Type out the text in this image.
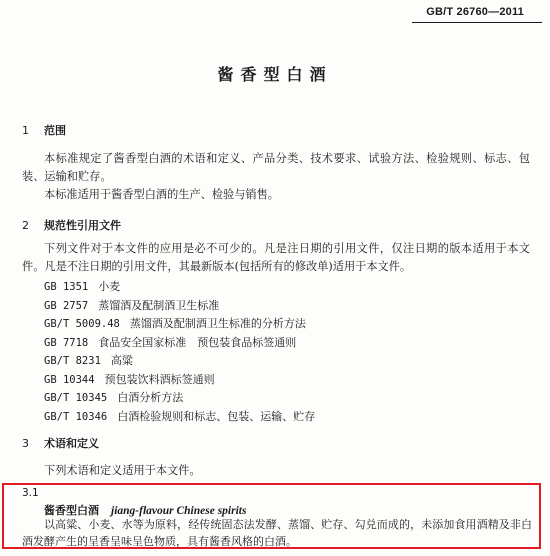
GB/T 26760—2011
酱香型白酒
1 范围
本标准规定了酱香型白酒的术语和定义、产品分类、技术要求、试验方法、检验规则、标志、包装、运输和贮存。
本标准适用于酱香型白酒的生产、检验与销售。
2 规范性引用文件
下列文件对于本文件的应用是必不可少的。凡是注日期的引用文件，仅注日期的版本适用于本文件。凡是不注日期的引用文件，其最新版本(包括所有的修改单)适用于本文件。
GB 1351 小麦
GB 2757 蒸馏酒及配制酒卫生标准
GB/T 5009.48 蒸馏酒及配制酒卫生标准的分析方法
GB 7718 食品安全国家标准　预包装食品标签通则
GB/T 8231 高粱
GB 10344 预包装饮料酒标签通则
GB/T 10345 白酒分析方法
GB/T 10346 白酒检验规则和标志、包装、运输、贮存
3 术语和定义
下列术语和定义适用于本文件。
3.1
酱香型白酒 jiang-flavour Chinese spirits
以高粱、小麦、水等为原料，经传统固态法发酵、蒸馏、贮存、勾兑而成的，未添加食用酒精及非白酒发酵产生的呈香呈味呈色物质，具有酱香风格的白酒。
